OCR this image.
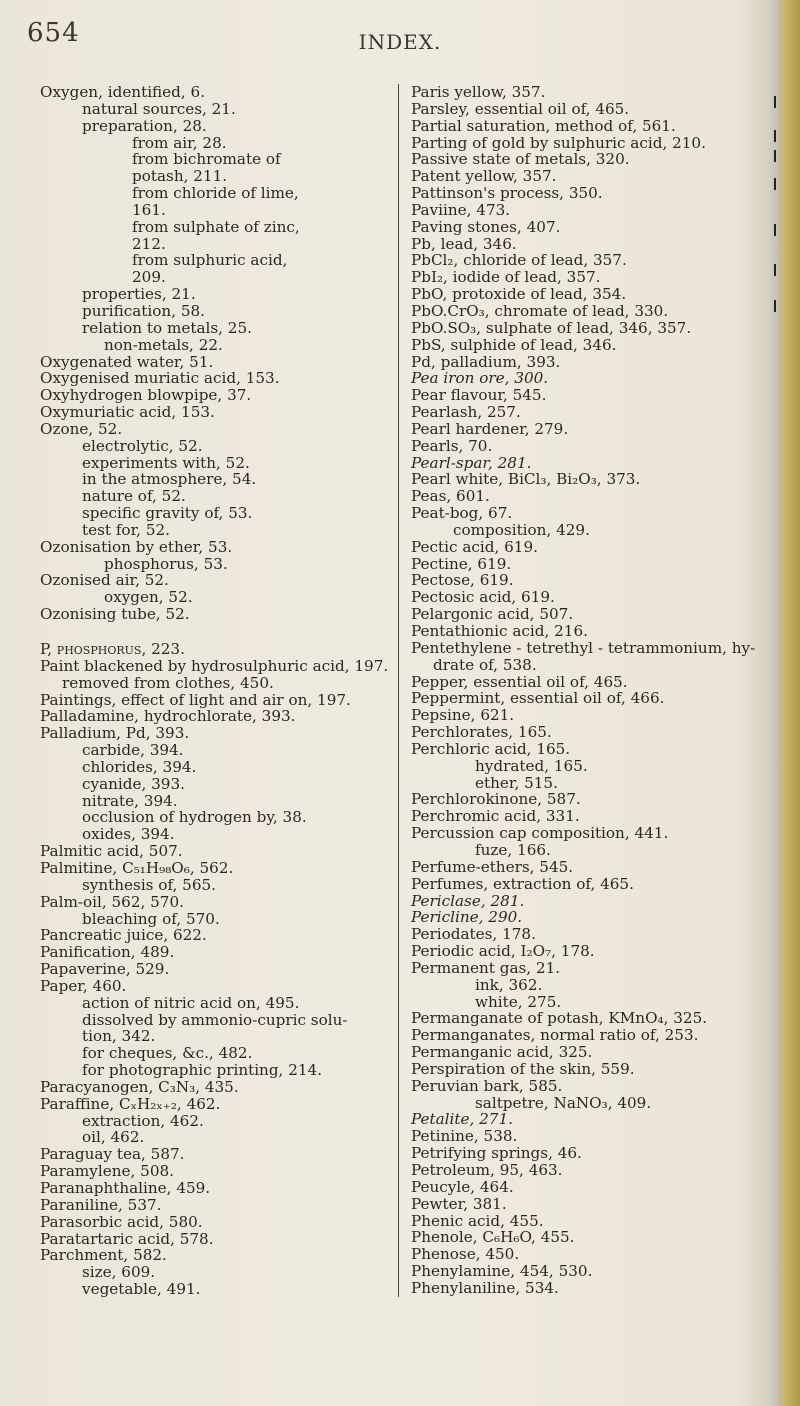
654	INDEX.
Oxygen, identified, 6.
natural sources, 21.
preparation, 28.
from air, 28.
from bichromate of
potash, 211.
from chloride of lime,
161.
from sulphate of zinc,
212.
from sulphuric acid,
209.
properties, 21.
purification, 58.
relation to metals, 25.
non-metals, 22.
Oxygenated water, 51.
Oxygenised muriatic acid, 153.
Oxyhydrogen blowpipe, 37.
Oxymuriatic acid, 153.
Ozone, 52.
electrolytic, 52.
experiments with, 52.
in the atmosphere, 54.
nature of, 52.
specific gravity of, 53.
test for, 52.
Ozonisation by ether, 53.
phosphorus, 53.
Ozonised air, 52.
oxygen, 52.
Ozonising tube, 52.
P, phosphorus, 223.
Paint blackened by hydrosulphuric acid, 197.
removed from clothes, 450.
Paintings, effect of light and air on, 197.
Palladamine, hydrochlorate, 393.
Palladium, Pd, 393.
carbide, 394.
chlorides, 394.
cyanide, 393.
nitrate, 394.
occlusion of hydrogen by, 38.
oxides, 394.
Palmitic acid, 507.
Palmitine, C₅₁H₉₈O₆, 562.
synthesis of, 565.
Palm-oil, 562, 570.
bleaching of, 570.
Pancreatic juice, 622.
Panification, 489.
Papaverine, 529.
Paper, 460.
action of nitric acid on, 495.
dissolved by ammonio-cupric solu-
tion, 342.
for cheques, &c., 482.
for photographic printing, 214.
Paracyanogen, C₃N₃, 435.
Paraffine, CₓH₂ₓ₊₂, 462.
extraction, 462.
oil, 462.
Paraguay tea, 587.
Paramylene, 508.
Paranaphthaline, 459.
Paraniline, 537.
Parasorbic acid, 580.
Paratartaric acid, 578.
Parchment, 582.
size, 609.
vegetable, 491.
Paris yellow, 357.
Parsley, essential oil of, 465.
Partial saturation, method of, 561.
Parting of gold by sulphuric acid, 210.
Passive state of metals, 320.
Patent yellow, 357.
Pattinson's process, 350.
Paviine, 473.
Paving stones, 407.
Pb, lead, 346.
PbCl₂, chloride of lead, 357.
PbI₂, iodide of lead, 357.
PbO, protoxide of lead, 354.
PbO.CrO₃, chromate of lead, 330.
PbO.SO₃, sulphate of lead, 346, 357.
PbS, sulphide of lead, 346.
Pd, palladium, 393.
Pea iron ore, 300.
Pear flavour, 545.
Pearlash, 257.
Pearl hardener, 279.
Pearls, 70.
Pearl-spar, 281.
Pearl white, BiCl₃, Bi₂O₃, 373.
Peas, 601.
Peat-bog, 67.
composition, 429.
Pectic acid, 619.
Pectine, 619.
Pectose, 619.
Pectosic acid, 619.
Pelargonic acid, 507.
Pentathionic acid, 216.
Pentethylene - tetrethyl - tetrammonium, hy-
drate of, 538.
Pepper, essential oil of, 465.
Peppermint, essential oil of, 466.
Pepsine, 621.
Perchlorates, 165.
Perchloric acid, 165.
hydrated, 165.
ether, 515.
Perchlorokinone, 587.
Perchromic acid, 331.
Percussion cap composition, 441.
fuze, 166.
Perfume-ethers, 545.
Perfumes, extraction of, 465.
Periclase, 281.
Pericline, 290.
Periodates, 178.
Periodic acid, I₂O₇, 178.
Permanent gas, 21.
ink, 362.
white, 275.
Permanganate of potash, KMnO₄, 325.
Permanganates, normal ratio of, 253.
Permanganic acid, 325.
Perspiration of the skin, 559.
Peruvian bark, 585.
saltpetre, NaNO₃, 409.
Petalite, 271.
Petinine, 538.
Petrifying springs, 46.
Petroleum, 95, 463.
Peucyle, 464.
Pewter, 381.
Phenic acid, 455.
Phenole, C₆H₆O, 455.
Phenose, 450.
Phenylamine, 454, 530.
Phenylaniline, 534.
